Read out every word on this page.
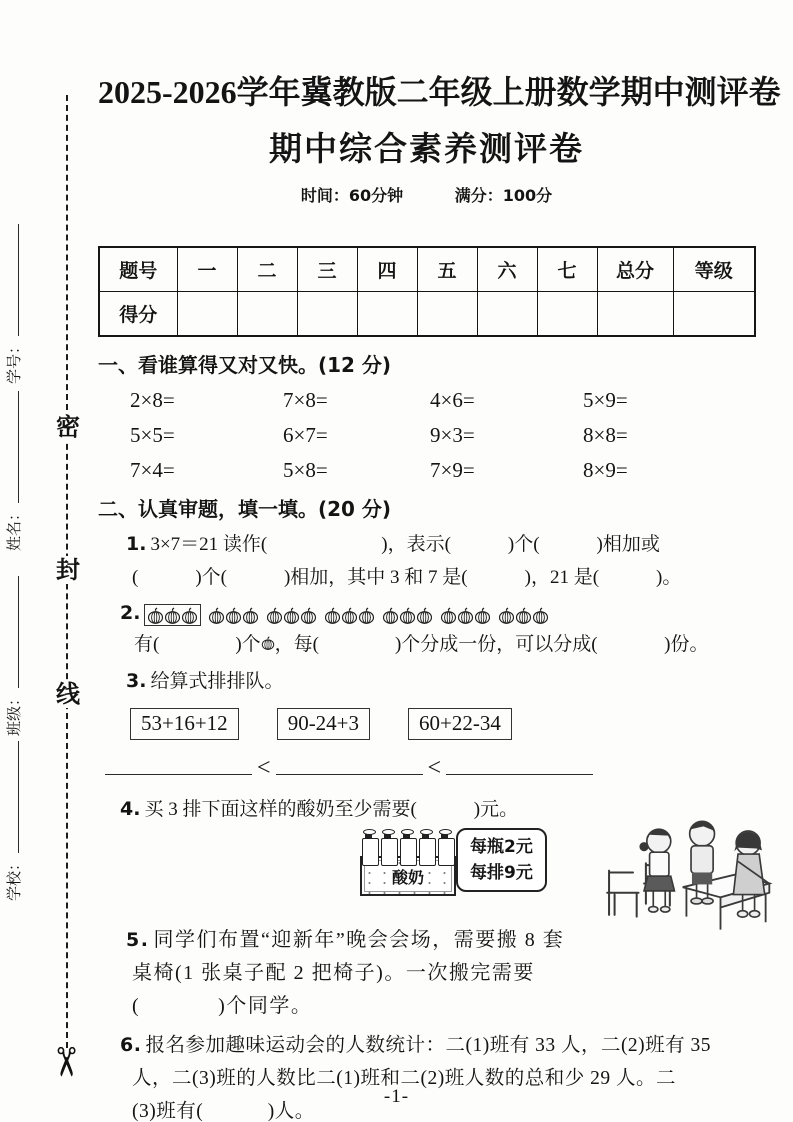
学号：
姓名：
班级：
学校：
密
封
线
✂
2025-2026学年冀教版二年级上册数学期中测评卷
期中综合素养测评卷
时间：60分钟	满分：100分
题号	一	二	三	四	五	六	七	总分	等级
得分									
一、看谁算得又对又快。(12 分)
2×8=	7×8=	4×6=	5×9=
5×5=	6×7=	9×3=	8×8=
7×4=	5×8=	7×9=	8×9=
二、认真审题，填一填。(20 分)
1. 3×7＝21 读作(                        )，表示(            )个(            )相加或
(            )个(            )相加，其中 3 和 7 是(            )，21 是(            )。
2.
有(                )个 ，每(                )个分成一份，可以分成(              )份。
3. 给算式排排队。
53+16+12	90-24+3	60+22-34
<	<
4. 买 3 排下面这样的酸奶至少需要(            )元。
酸奶
每瓶2元
每排9元
5. 同学们布置“迎新年”晚会会场，需要搬 8 套
桌椅(1 张桌子配 2 把椅子)。一次搬完需要
(            )个同学。
6. 报名参加趣味运动会的人数统计：二(1)班有 33 人，二(2)班有 35
人，二(3)班的人数比二(1)班和二(2)班人数的总和少 29 人。二
(3)班有(            )人。
-1-
